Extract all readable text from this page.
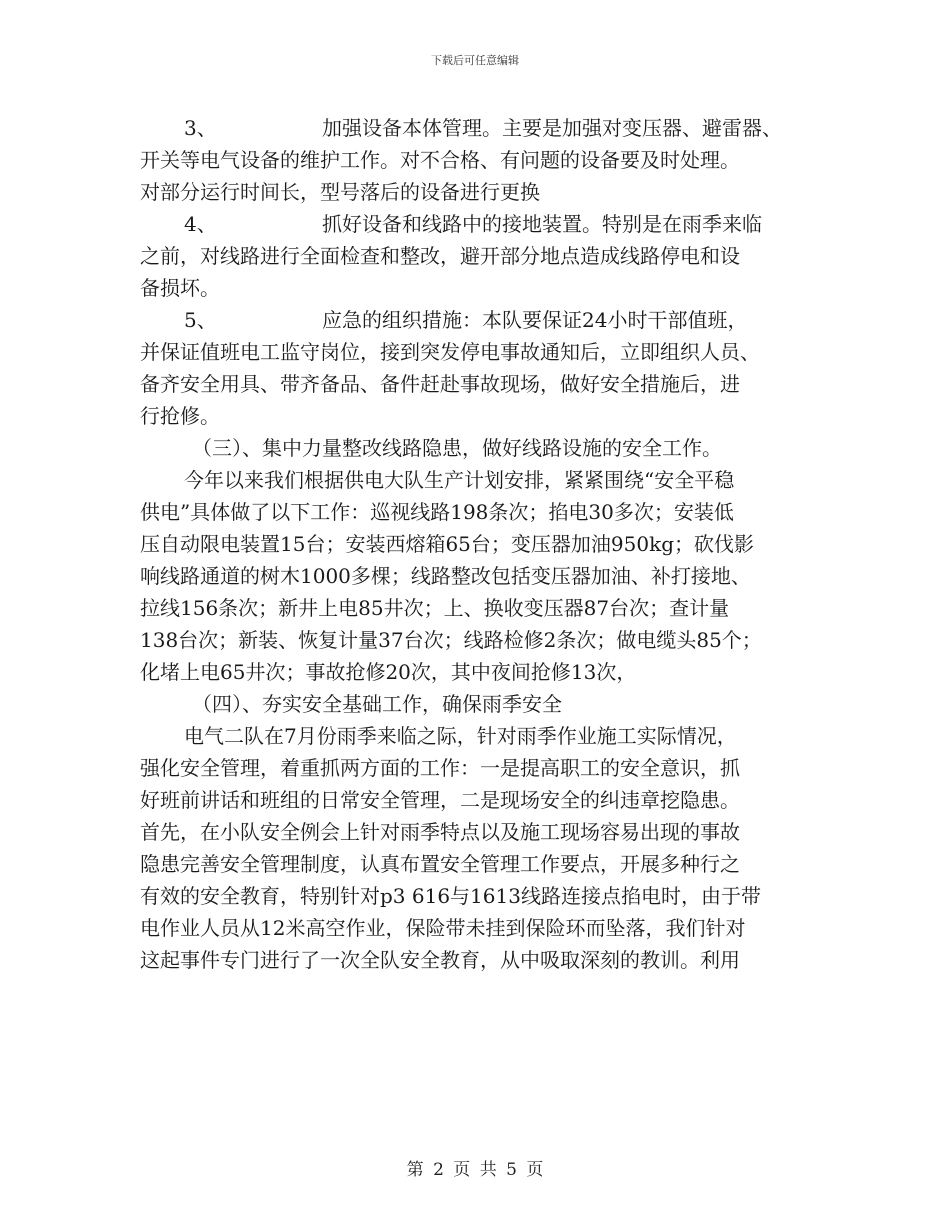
下载后可任意编辑
3、	加强设备本体管理。主要是加强对变压器、避雷器、
开关等电气设备的维护工作。对不合格、有问题的设备要及时处理。
对部分运行时间长，型号落后的设备进行更换
4、	抓好设备和线路中的接地装置。特别是在雨季来临
之前，对线路进行全面检查和整改，避开部分地点造成线路停电和设
备损坏。
5、	应急的组织措施：本队要保证24小时干部值班，
并保证值班电工监守岗位，接到突发停电事故通知后，立即组织人员、
备齐安全用具、带齐备品、备件赶赴事故现场，做好安全措施后，进
行抢修。
（三）、集中力量整改线路隐患，做好线路设施的安全工作。
今年以来我们根据供电大队生产计划安排，紧紧围绕“安全平稳
供电”具体做了以下工作：巡视线路198条次；掐电30多次；安装低
压自动限电装置15台；安装西熔箱65台；变压器加油950kg；砍伐影
响线路通道的树木1000多棵；线路整改包括变压器加油、补打接地、
拉线156条次；新井上电85井次；上、换收变压器87台次；查计量
138台次；新装、恢复计量37台次；线路检修2条次；做电缆头85个；
化堵上电65井次；事故抢修20次，其中夜间抢修13次，
（四）、夯实安全基础工作，确保雨季安全
电气二队在7月份雨季来临之际，针对雨季作业施工实际情况，
强化安全管理，着重抓两方面的工作：一是提高职工的安全意识，抓
好班前讲话和班组的日常安全管理，二是现场安全的纠违章挖隐患。
首先，在小队安全例会上针对雨季特点以及施工现场容易出现的事故
隐患完善安全管理制度，认真布置安全管理工作要点，开展多种行之
有效的安全教育，特别针对p3 616与1613线路连接点掐电时，由于带
电作业人员从12米高空作业，保险带未挂到保险环而坠落，我们针对
这起事件专门进行了一次全队安全教育，从中吸取深刻的教训。利用
第 2 页 共 5 页
